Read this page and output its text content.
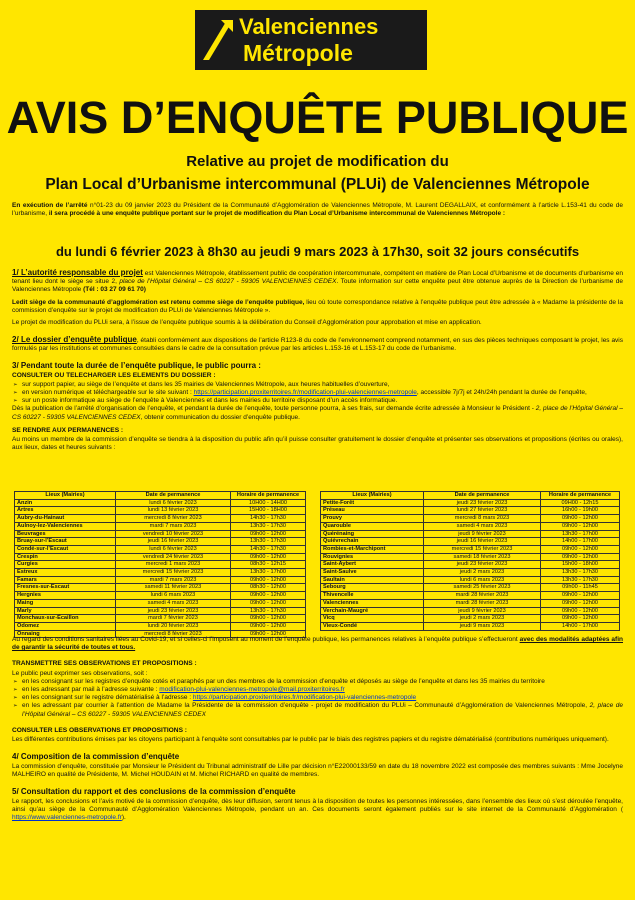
Valenciennes
Métropole
AVIS D’ENQUÊTE PUBLIQUE
Relative au projet de modification du
Plan Local d’Urbanisme intercommunal (PLUi) de Valenciennes Métropole

En exécution de l’arrêté n°01-23 du 09 janvier 2023 du Président de la Communauté d’Agglomération de Valenciennes Métropole, M. Laurent DEGALLAIX, et conformément à l’article L.153-41 du code de l’urbanisme, il sera procédé à une enquête publique portant sur le projet de modification du Plan Local d’Urbanisme intercommunal de Valenciennes Métropole :

du lundi 6 février 2023 à 8h30 au jeudi 9 mars 2023 à 17h30, soit 32 jours consécutifs

1/ L’autorité responsable du projet est Valenciennes Métropole, établissement public de coopération intercommunale, compétent en matière de Plan Local d’Urbanisme et de documents d’urbanisme en tenant lieu dont le siège se situe 2, place de l’Hôpital Général – CS 60227 - 59305 VALENCIENNES CEDEX. Toute information sur cette enquête peut être obtenue auprès de la Direction de l’urbanisme de Valenciennes Métropole (Tél : 03 27 09 61 70)

Ledit siège de la communauté d’agglomération est retenu comme siège de l’enquête publique, lieu où toute correspondance relative à l’enquête publique peut être adressée à « Madame la présidente de la commission d’enquête sur le projet de modification du PLUi de Valenciennes Métropole ».

Le projet de modification du PLUi sera, à l’issue de l’enquête publique soumis à la délibération du Conseil d’Agglomération pour approbation et mise en application.

2/ Le dossier d’enquête publique, établi conformément aux dispositions de l’article R123-8 du code de l’environnement comprend notamment, en sus des pièces techniques composant le projet, les avis formulés par les institutions et communes consultées dans le cadre de la consultation prévue par les articles L.153-16 et L.153-17 du code de l’urbanisme.

3/ Pendant toute la durée de l’enquête publique, le public pourra :
CONSULTER OU TELECHARGER LES ELEMENTS DU DOSSIER :
➢ sur support papier, au siège de l’enquête et dans les 35 mairies de Valenciennes Métropole, aux heures habituelles d’ouverture,
➢ en version numérique et téléchargeable sur le site suivant : https://participation.proxiterritoires.fr/modification-plui-valenciennes-metropole, accessible 7j/7j et 24h/24h pendant la durée de l’enquête,
➢ sur un poste informatique au siège de l’enquête à Valenciennes et dans les mairies du territoire disposant d’un accès informatique.

Dès la publication de l’arrêté d’organisation de l’enquête, et pendant la durée de l’enquête, toute personne pourra, à ses frais, sur demande écrite adressée à Monsieur le Président - 2, place de l’Hôpital Général – CS 60227 - 59305 VALENCIENNES CEDEX, obtenir communication du dossier d’enquête publique.

SE RENDRE AUX PERMANENCES :

Au moins un membre de la commission d’enquête se tiendra à la disposition du public afin qu’il puisse consulter gratuitement le dossier d’enquête et présenter ses observations et propositions (écrites ou orales), aux lieux, dates et heures suivants :

Lieux (Mairies)	Date de permanence	Horaire de permanence
Anzin	lundi 6 février 2023	10H00 - 14H00
Artres	lundi 13 février 2023	15H00 - 18H00
Aubry-du-Hainaut	mercredi 8 février 2023	14h30 - 17h30
Aulnoy-lez-Valenciennes	mardi 7 mars 2023	13h30 - 17h30
Beuvrages	vendredi 10 février 2023	09h00 - 12h00
Bruay-sur-l’Escaut	jeudi 16 février 2023	13h30 - 17h30
Condé-sur-l’Escaut	lundi 6 février 2023	14h30 - 17h30
Crespin	vendredi 24 février 2023	09h00 - 12h00
Curgies	mercredi 1 mars 2023	08h30 - 12h15
Estreux	mercredi 15 février 2023	13h30 - 17h00
Famars	mardi 7 mars 2023	09h00 - 12h00
Fresnes-sur-Escaut	samedi 11 février 2023	08h30 - 12h00
Hergnies	lundi 6 mars 2023	09h00 - 12h00
Maing	samedi 4 mars 2023	09h00 - 12h00
Marly	jeudi 23 février 2023	13h30 - 17h30
Monchaux-sur-Écaillon	mardi 7 février 2023	09h00 - 12h00
Odomez	lundi 20 février 2023	09h00 - 12h00
Onnaing	mercredi 8 février 2023	09h00 - 12h00
Lieux (Mairies)	Date de permanence	Horaire de permanence
Petite-Forêt	jeudi 23 février 2023	09H00 - 12h15
Préseau	lundi 27 février 2023	16h00 - 19h00
Prouvy	mercredi 8 mars 2023	09h00 - 12h00
Quarouble	samedi 4 mars 2023	09h00 - 12h00
Quérénaing	jeudi 9 février 2023	13h30 - 17h00
Quiévrechain	jeudi 16 février 2023	14h00 - 17h00
Rombies-et-Marchipont	mercredi 15 février 2023	09h00 - 12h00
Rouvignies	samedi 18 février 2023	09h00 - 12h00
Saint-Aybert	jeudi 23 février 2023	15h00 - 18h00
Saint-Saulve	jeudi 2 mars 2023	13h30 - 17h30
Saultain	lundi 6 mars 2023	13h30 - 17h30
Sebourg	samedi 25 février 2023	09h00 - 11h45
Thivencelle	mardi 28 février 2023	09h00 - 12h00
Valenciennes	mardi 28 février 2023	09h00 - 12h00
Verchain-Maugré	jeudi 9 février 2023	09h00 - 12h00
Vicq	jeudi 2 mars 2023	09h00 - 12h00
Vieux-Condé	jeudi 9 mars 2023	14h00 - 17h00

Au regard des conditions sanitaires liées au Covid-19, et si celles-ci l’imposent au moment de l’enquête publique, les permanences relatives à l’enquête publique s’effectueront avec des modalités adaptées afin de garantir la sécurité de toutes et tous.

TRANSMETTRE SES OBSERVATIONS ET PROPOSITIONS :

Le public peut exprimer ses observations, soit :

➢ en les consignant sur les registres d’enquête cotés et paraphés par un des membres de la commission d’enquête et déposés au siège de l’enquête et dans les 35 mairies du territoire
➢ en les adressant par mail à l’adresse suivante : modification-plui-valenciennes-metropole@mail.proxiterritoires.fr
➢ en les consignant sur le registre dématérialisé à l’adresse : https://participation.proxiterritoires.fr/modification-plui-valenciennes-metropole
➢ en les adressant par courrier à l’attention de Madame la Présidente de la commission d’enquête - projet de modification du PLUi – Communauté d’Agglomération de Valenciennes Métropole, 2, place de l’Hôpital Général – CS 60227 - 59305 VALENCIENNES CEDEX
CONSULTER LES OBSERVATIONS ET PROPOSITIONS :

Les différentes contributions émises par les citoyens participant à l’enquête sont consultables par le public par le biais des registres papiers et du registre dématérialisé (contributions numériques uniquement).

4/ Composition de la commission d’enquête

La commission d’enquête, constituée par Monsieur le Président du Tribunal administratif de Lille par décision n°E22000133/59 en date du 18 novembre 2022 est composée des membres suivants : Mme Jocelyne MALHEIRO en qualité de Présidente, M. Michel HOUDAIN et M. Michel RICHARD en qualité de membres.

5/ Consultation du rapport et des conclusions de la commission d’enquête

Le rapport, les conclusions et l’avis motivé de la commission d’enquête, dès leur diffusion, seront tenus à la disposition de toutes les personnes intéressées, dans l’ensemble des lieux où s’est déroulée l’enquête, ainsi qu’au siège de la Communauté d’Agglomération Valenciennes Métropole, pendant un an. Ces documents seront également publiés sur le site internet de la Communauté d’Agglomération ( https://www.valenciennes-metropole.fr).
